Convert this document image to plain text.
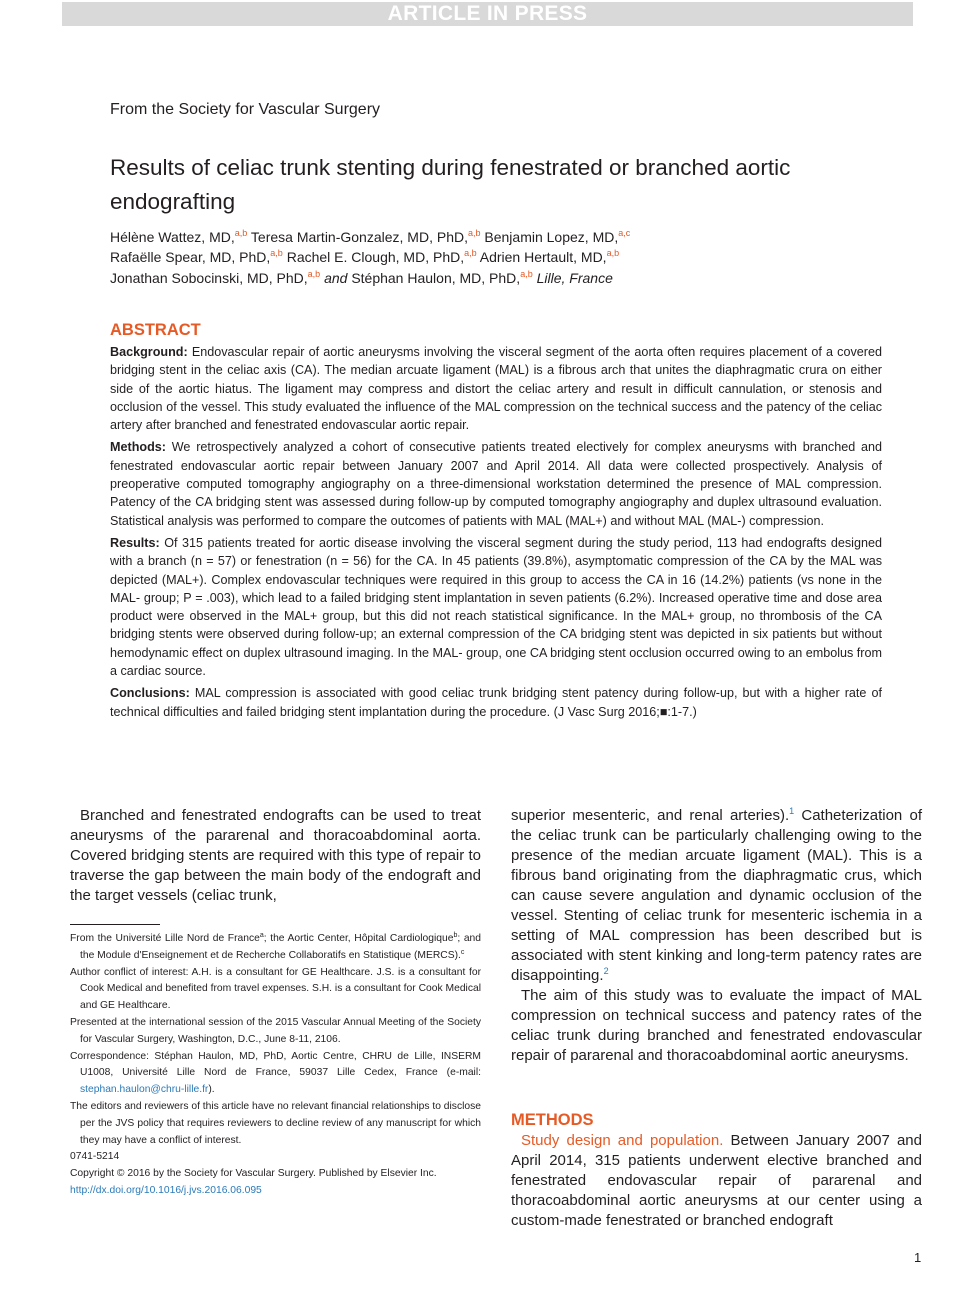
ARTICLE IN PRESS
From the Society for Vascular Surgery
Results of celiac trunk stenting during fenestrated or branched aortic endografting
Hélène Wattez, MD,$^{a,b}$ Teresa Martin-Gonzalez, MD, PhD,$^{a,b}$ Benjamin Lopez, MD,$^{a,c}$
Rafaëlle Spear, MD, PhD,$^{a,b}$ Rachel E. Clough, MD, PhD,$^{a,b}$ Adrien Hertault, MD,$^{a,b}$
Jonathan Sobocinski, MD, PhD,$^{a,b}$ and Stéphan Haulon, MD, PhD,$^{a,b}$ Lille, France
ABSTRACT

Background: Endovascular repair of aortic aneurysms involving the visceral segment of the aorta often requires placement of a covered bridging stent in the celiac axis (CA). The median arcuate ligament (MAL) is a fibrous arch that unites the diaphragmatic crura on either side of the aortic hiatus. The ligament may compress and distort the celiac artery and result in difficult cannulation, or stenosis and occlusion of the vessel. This study evaluated the influence of the MAL compression on the technical success and the patency of the celiac artery after branched and fenestrated endovascular aortic repair.

Methods: We retrospectively analyzed a cohort of consecutive patients treated electively for complex aneurysms with branched and fenestrated endovascular aortic repair between January 2007 and April 2014. All data were collected prospectively. Analysis of preoperative computed tomography angiography on a three-dimensional workstation determined the presence of MAL compression. Patency of the CA bridging stent was assessed during follow-up by computed tomography angiography and duplex ultrasound evaluation. Statistical analysis was performed to compare the outcomes of patients with MAL (MAL+) and without MAL (MAL-) compression.

Results: Of 315 patients treated for aortic disease involving the visceral segment during the study period, 113 had endografts designed with a branch (n = 57) or fenestration (n = 56) for the CA. In 45 patients (39.8%), asymptomatic compression of the CA by the MAL was depicted (MAL+). Complex endovascular techniques were required in this group to access the CA in 16 (14.2%) patients (vs none in the MAL- group; P = .003), which lead to a failed bridging stent implantation in seven patients (6.2%). Increased operative time and dose area product were observed in the MAL+ group, but this did not reach statistical significance. In the MAL+ group, no thrombosis of the CA bridging stents were observed during follow-up; an external compression of the CA bridging stent was depicted in six patients but without hemodynamic effect on duplex ultrasound imaging. In the MAL- group, one CA bridging stent occlusion occurred owing to an embolus from a cardiac source.

Conclusions: MAL compression is associated with good celiac trunk bridging stent patency during follow-up, but with a higher rate of technical difficulties and failed bridging stent implantation during the procedure. (J Vasc Surg 2016;■:1-7.)

Branched and fenestrated endografts can be used to treat aneurysms of the pararenal and thoracoabdominal aorta. Covered bridging stents are required with this type of repair to traverse the gap between the main body of the endograft and the target vessels (celiac trunk,

From the Université Lille Nord de France$^a$; the Aortic Center, Hôpital Cardiologique$^b$; and the Module d'Enseignement et de Recherche Collaboratifs en Statistique (MERCS).$^c$

Author conflict of interest: A.H. is a consultant for GE Healthcare. J.S. is a consultant for Cook Medical and benefited from travel expenses. S.H. is a consultant for Cook Medical and GE Healthcare.

Presented at the international session of the 2015 Vascular Annual Meeting of the Society for Vascular Surgery, Washington, D.C., June 8-11, 2106.

Correspondence: Stéphan Haulon, MD, PhD, Aortic Centre, CHRU de Lille, INSERM U1008, Université Lille Nord de France, 59037 Lille Cedex, France (e-mail: stephan.haulon@chru-lille.fr).

The editors and reviewers of this article have no relevant financial relationships to disclose per the JVS policy that requires reviewers to decline review of any manuscript for which they may have a conflict of interest.

0741-5214

Copyright © 2016 by the Society for Vascular Surgery. Published by Elsevier Inc.

http://dx.doi.org/10.1016/j.jvs.2016.06.095

superior mesenteric, and renal arteries).$^1$ Catheterization of the celiac trunk can be particularly challenging owing to the presence of the median arcuate ligament (MAL). This is a fibrous band originating from the diaphragmatic crus, which can cause severe angulation and dynamic occlusion of the vessel. Stenting of celiac trunk for mesenteric ischemia in a setting of MAL compression has been described but is associated with stent kinking and long-term patency rates are disappointing.$^2$

The aim of this study was to evaluate the impact of MAL compression on technical success and patency rates of the celiac trunk during branched and fenestrated endovascular repair of pararenal and thoracoabdominal aortic aneurysms.

METHODS
Study design and population. Between January 2007 and April 2014, 315 patients underwent elective branched and fenestrated endovascular repair of pararenal and thoracoabdominal aortic aneurysms at our center using a custom-made fenestrated or branched endograft
1
